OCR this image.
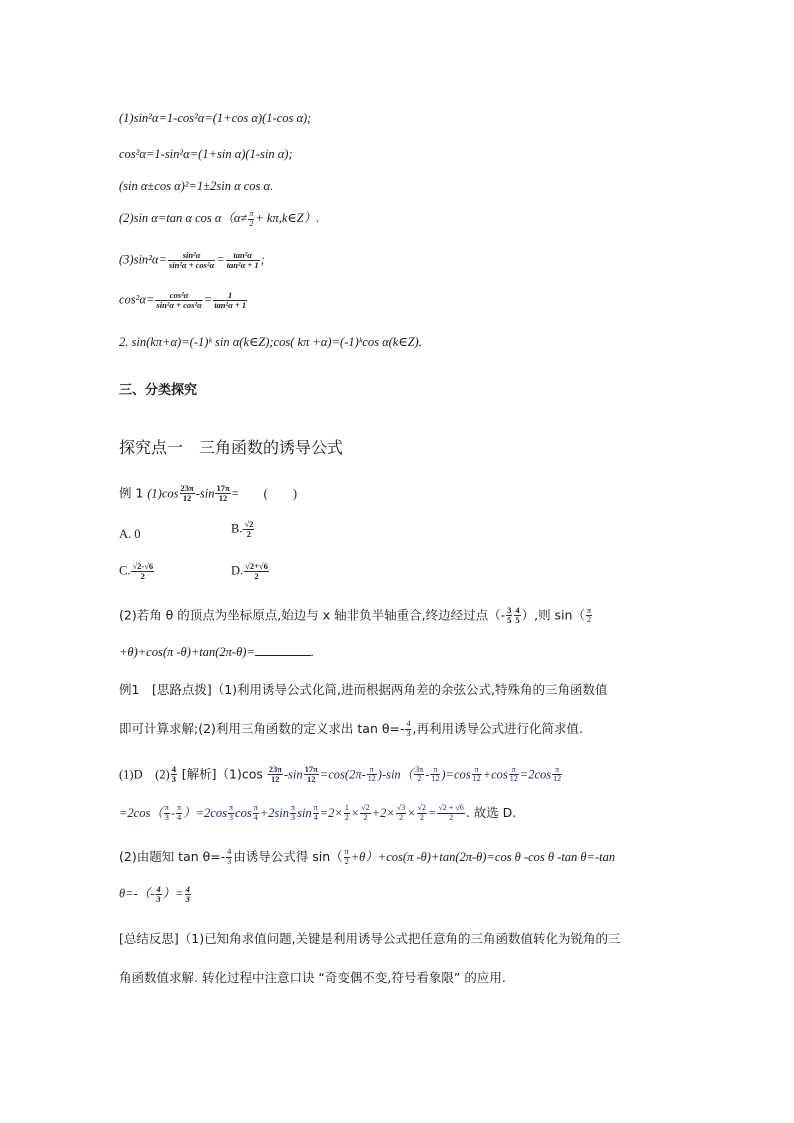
(1)sin²α=1-cos²α=(1+cos α)(1-cos α);
cos²α=1-sin²α=(1+sin α)(1-sin α);
(sin α±cos α)²=1±2sin α cos α.
(2)sin α=tan α $\cos \alpha(\alpha\ne \frac{\pi}{2}$ + kπ,k∈Z）.
$(3)\sin^2\alpha= \frac{\text{sin²α}}{\text{sin²α + cos²α}} = \frac{\text{tan²α}}{\text{tan²α + 1}}$ ;
$\cos^2\alpha= \frac{\text{cos²α}}{\text{sin²α + cos²α}} = \frac{1}{\text{tan²α + 1}}$
2. sin(kπ+α)=(-1)ᵏ sin α(k∈Z);cos( kπ +α)=(-1)ᵏcos α(k∈Z).
三、分类探究
探究点一　三角函数的诱导公式
例 1 $(1)\cos \frac{23\pi}{12} -\sin \frac{17\pi}{12}$ =　　(　　)
A. 0	B. $\frac{√2}{2}$
C. $\frac{√2-√6}{2}$	D. $\frac{√2+√6}{2}$
(2)若角 θ 的顶点为坐标原点,始边与 x 轴非负半轴重合,终边经过点（- $\frac{3}{5} \frac{4}{5}$ ）,则 $\sin( \frac{\pi}{2}$
+θ)+cos(π -θ)+tan(2π-θ)=	.
例1　[思路点拨]（1)利用诱导公式化简,进而根据两角差的余弦公式,特殊角的三角函数值
即可计算求解;(2)利用三角函数的定义求出 $\tan \theta=- \frac{4}{3}$ ,再利用诱导公式进行化简求值.
(1)D　$(2) \frac{4}{3}$ [解析]$(1)\cos \frac{23\pi}{12} -\sin \frac{17\pi}{12} =\cos(2\pi- \frac{\pi}{12} )-\sin( \frac{3\pi}{2} - \frac{\pi}{12} )=\cos \frac{\pi}{12} +\cos \frac{\pi}{12} =2\cos \frac{\pi}{12}$
$=2\cos( \frac{\pi}{3} - \frac{\pi}{4} )=2\cos \frac{\pi}{3}$ $\cos \frac{\pi}{4} +2\sin \frac{\pi}{3}$ $\sin \frac{\pi}{4} =2\times \frac{1}{2} \times \frac{√2}{2} +2\times \frac{√3}{2} \times \frac{√2}{2} = \frac{√2 + √6}{2}$ . 故选 D.
(2)由题知 $\tan \theta=- \frac{4}{3}$ 由诱导公式得 $\sin( \frac{\pi}{2} +\theta)+\cos(\pi$ -θ)+tan(2π-θ)=cos θ -cos θ -tan θ=-tan
$\theta=-(- \frac{4}{3}$ ）= $\frac{4}{3}$
[总结反思]（1)已知角求值问题,关键是利用诱导公式把任意角的三角函数值转化为锐角的三
角函数值求解. 转化过程中注意口诀 “奇变偶不变,符号看象限” 的应用.
